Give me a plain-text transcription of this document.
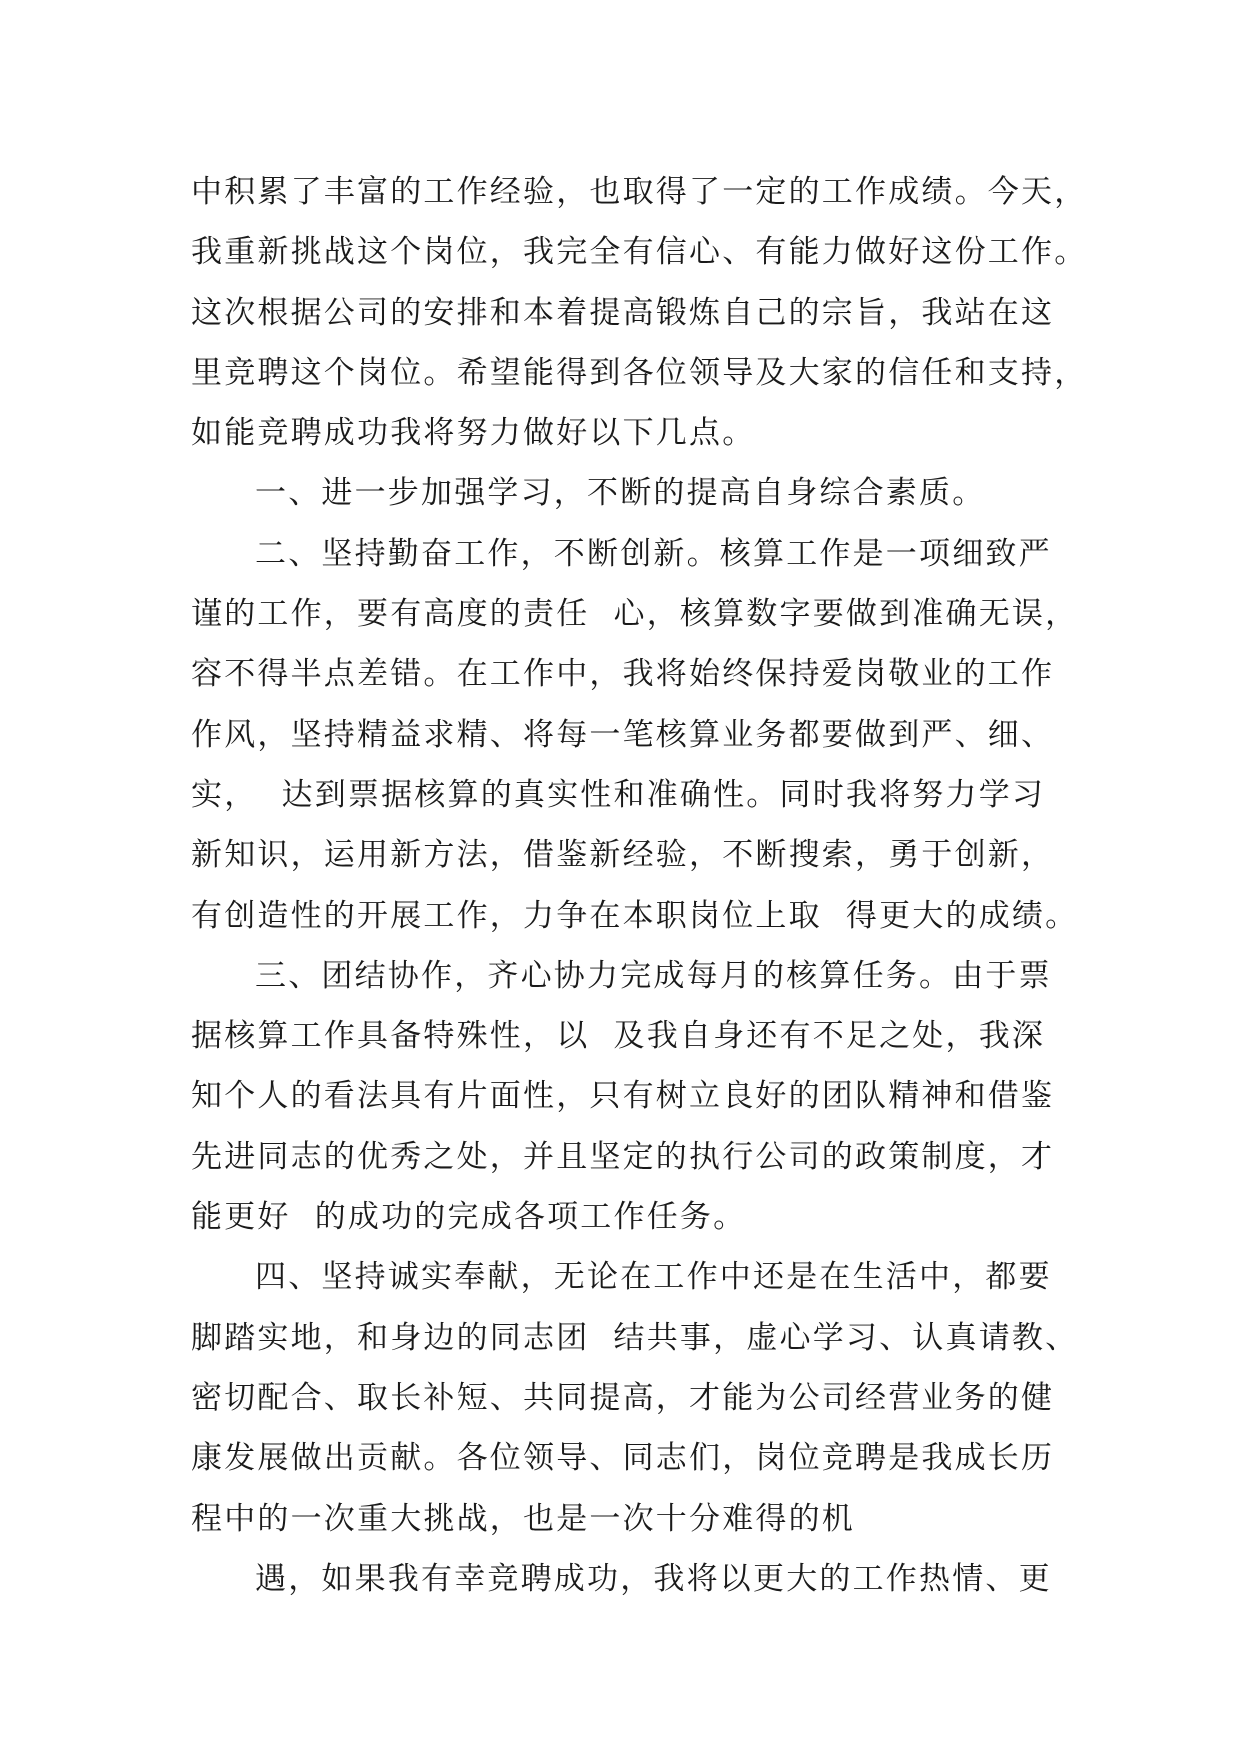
中积累了丰富的工作经验，也取得了一定的工作成绩。今天，
我重新挑战这个岗位，我完全有信心、有能力做好这份工作。
这次根据公司的安排和本着提高锻炼自己的宗旨，我站在这
里竞聘这个岗位。希望能得到各位领导及大家的信任和支持，
如能竞聘成功我将努力做好以下几点。
一、进一步加强学习，不断的提高自身综合素质。
二、坚持勤奋工作，不断创新。核算工作是一项细致严
谨的工作，要有高度的责任  心，核算数字要做到准确无误，
容不得半点差错。在工作中，我将始终保持爱岗敬业的工作
作风，坚持精益求精、将每一笔核算业务都要做到严、细、
实，  达到票据核算的真实性和准确性。同时我将努力学习
新知识，运用新方法，借鉴新经验，不断搜索，勇于创新，
有创造性的开展工作，力争在本职岗位上取  得更大的成绩。
三、团结协作，齐心协力完成每月的核算任务。由于票
据核算工作具备特殊性，以  及我自身还有不足之处，我深
知个人的看法具有片面性，只有树立良好的团队精神和借鉴
先进同志的优秀之处，并且坚定的执行公司的政策制度，才
能更好  的成功的完成各项工作任务。
四、坚持诚实奉献，无论在工作中还是在生活中，都要
脚踏实地，和身边的同志团  结共事，虚心学习、认真请教、
密切配合、取长补短、共同提高，才能为公司经营业务的健
康发展做出贡献。各位领导、同志们，岗位竞聘是我成长历
程中的一次重大挑战，也是一次十分难得的机
遇，如果我有幸竞聘成功，我将以更大的工作热情、更
